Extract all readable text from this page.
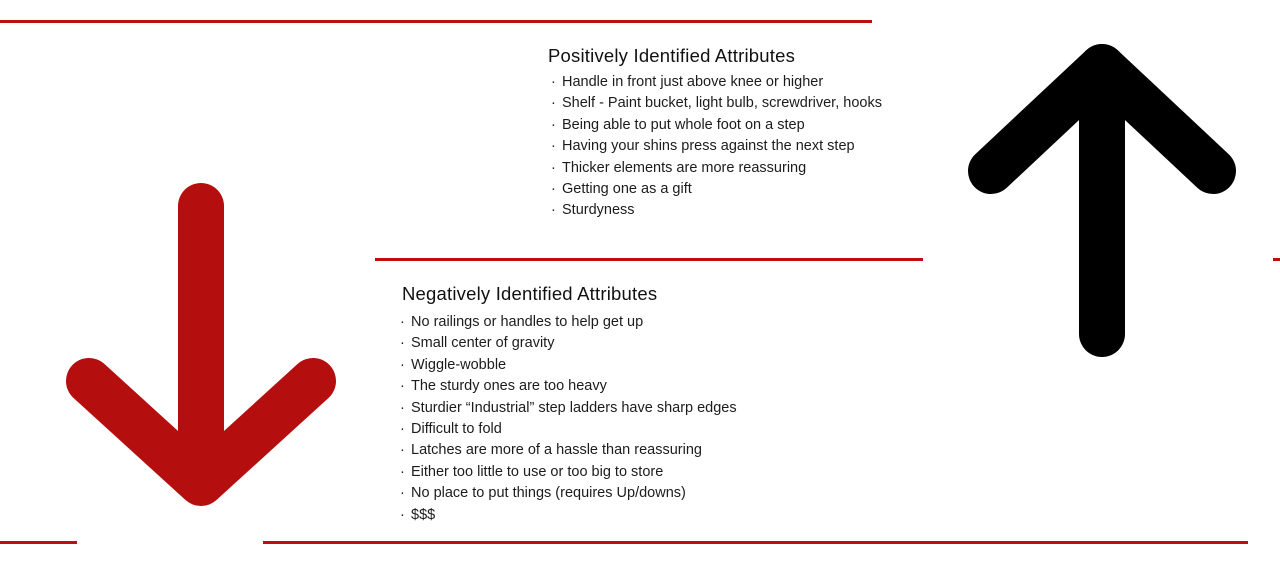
Positively Identified Attributes
· Handle in front just above knee or higher
· Shelf - Paint bucket, light bulb, screwdriver, hooks
· Being able to put whole foot on a step
· Having your shins press against the next step
· Thicker elements are more reassuring
· Getting one as a gift
· Sturdyness
Negatively Identified Attributes
· No railings or handles to help get up
· Small center of gravity
· Wiggle-wobble
· The sturdy ones are too heavy
· Sturdier “Industrial” step ladders have sharp edges
· Difficult to fold
· Latches are more of a hassle than reassuring
· Either too little to use or too big to store
· No place to put things (requires Up/downs)
· $$$
